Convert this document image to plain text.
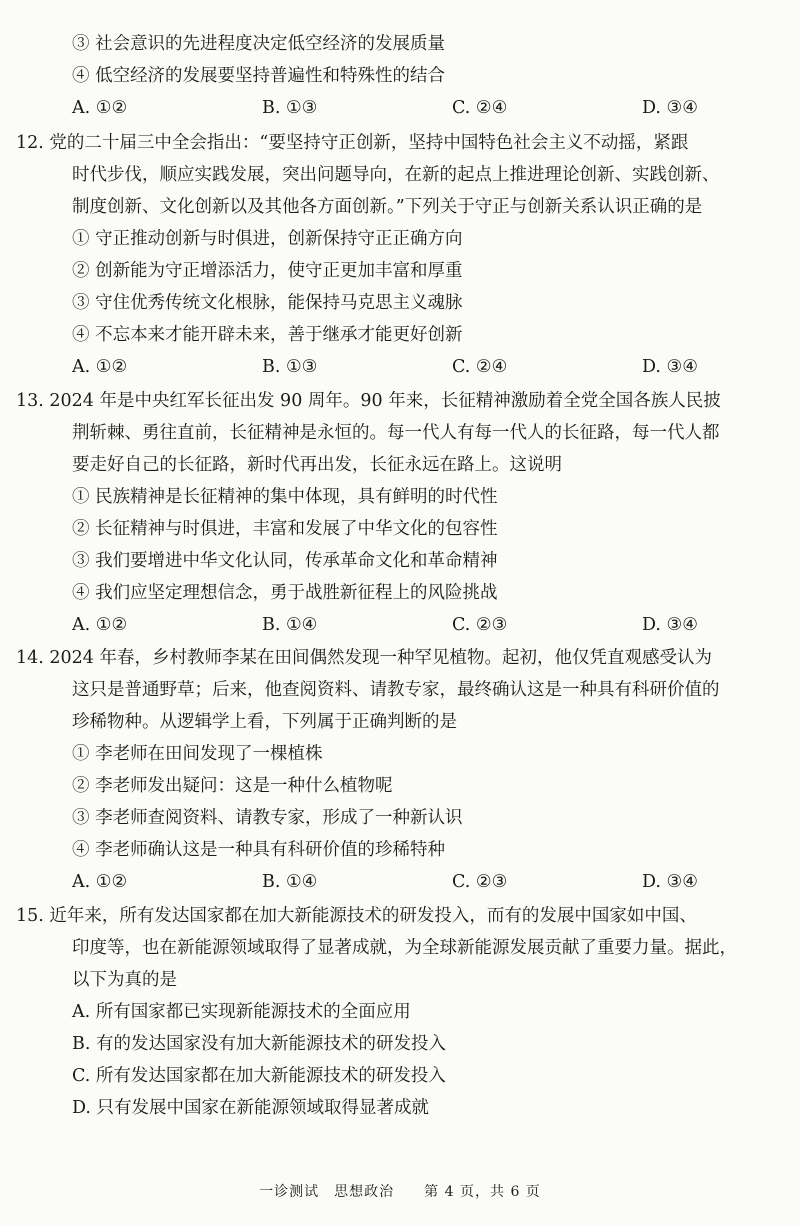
③ 社会意识的先进程度决定低空经济的发展质量
④ 低空经济的发展要坚持普遍性和特殊性的结合
A. ①②	B. ①③	C. ②④	D. ③④
12. 党的二十届三中全会指出：“要坚持守正创新，坚持中国特色社会主义不动摇，紧跟
时代步伐，顺应实践发展，突出问题导向，在新的起点上推进理论创新、实践创新、
制度创新、文化创新以及其他各方面创新。”下列关于守正与创新关系认识正确的是
① 守正推动创新与时俱进，创新保持守正正确方向
② 创新能为守正增添活力，使守正更加丰富和厚重
③ 守住优秀传统文化根脉，能保持马克思主义魂脉
④ 不忘本来才能开辟未来，善于继承才能更好创新
A. ①②	B. ①③	C. ②④	D. ③④
13. 2024 年是中央红军长征出发 90 周年。90 年来，长征精神激励着全党全国各族人民披
荆斩棘、勇往直前，长征精神是永恒的。每一代人有每一代人的长征路，每一代人都
要走好自己的长征路，新时代再出发，长征永远在路上。这说明
① 民族精神是长征精神的集中体现，具有鲜明的时代性
② 长征精神与时俱进，丰富和发展了中华文化的包容性
③ 我们要增进中华文化认同，传承革命文化和革命精神
④ 我们应坚定理想信念，勇于战胜新征程上的风险挑战
A. ①②	B. ①④	C. ②③	D. ③④
14. 2024 年春，乡村教师李某在田间偶然发现一种罕见植物。起初，他仅凭直观感受认为
这只是普通野草；后来，他查阅资料、请教专家，最终确认这是一种具有科研价值的
珍稀物种。从逻辑学上看，下列属于正确判断的是
① 李老师在田间发现了一棵植株
② 李老师发出疑问：这是一种什么植物呢
③ 李老师查阅资料、请教专家，形成了一种新认识
④ 李老师确认这是一种具有科研价值的珍稀特种
A. ①②	B. ①④	C. ②③	D. ③④
15. 近年来，所有发达国家都在加大新能源技术的研发投入，而有的发展中国家如中国、
印度等，也在新能源领域取得了显著成就，为全球新能源发展贡献了重要力量。据此，
以下为真的是
A. 所有国家都已实现新能源技术的全面应用
B. 有的发达国家没有加大新能源技术的研发投入
C. 所有发达国家都在加大新能源技术的研发投入
D. 只有发展中国家在新能源领域取得显著成就
一诊测试　思想政治　　第 4 页，共 6 页
